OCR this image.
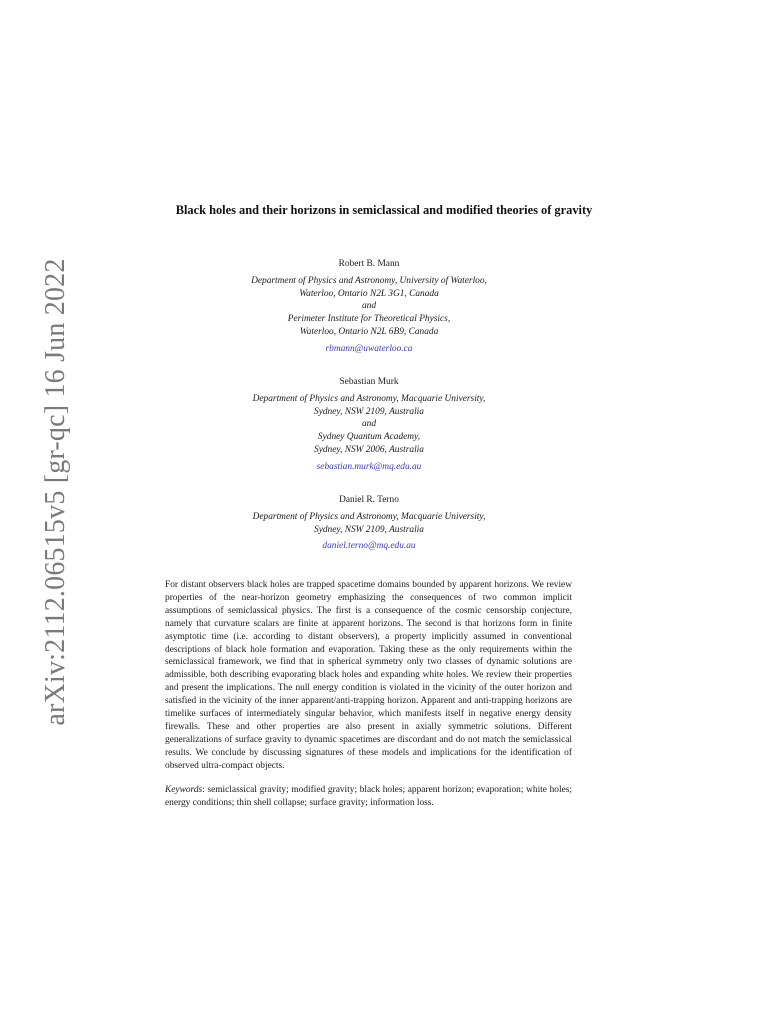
arXiv:2112.06515v5 [gr-qc] 16 Jun 2022
Black holes and their horizons in semiclassical and modified theories of gravity
Robert B. Mann
Department of Physics and Astronomy, University of Waterloo,
Waterloo, Ontario N2L 3G1, Canada
and
Perimeter Institute for Theoretical Physics,
Waterloo, Ontario N2L 6B9, Canada
rbmann@uwaterloo.ca
Sebastian Murk
Department of Physics and Astronomy, Macquarie University,
Sydney, NSW 2109, Australia
and
Sydney Quantum Academy,
Sydney, NSW 2006, Australia
sebastian.murk@mq.edu.au
Daniel R. Terno
Department of Physics and Astronomy, Macquarie University,
Sydney, NSW 2109, Australia
daniel.terno@mq.edu.au
For distant observers black holes are trapped spacetime domains bounded by apparent horizons. We review properties of the near-horizon geometry emphasizing the consequences of two common implicit assumptions of semiclassical physics. The first is a consequence of the cosmic censorship conjecture, namely that curvature scalars are finite at apparent horizons. The second is that horizons form in finite asymptotic time (i.e. according to distant observers), a property implicitly assumed in conventional descriptions of black hole formation and evaporation. Taking these as the only requirements within the semiclassical framework, we find that in spherical symmetry only two classes of dynamic solutions are admissible, both describing evaporating black holes and expanding white holes. We review their properties and present the implications. The null energy condition is violated in the vicinity of the outer horizon and satisfied in the vicinity of the inner apparent/anti-trapping horizon. Apparent and anti-trapping horizons are timelike surfaces of intermediately singular behavior, which manifests itself in negative energy density firewalls. These and other properties are also present in axially symmetric solutions. Different generalizations of surface gravity to dynamic spacetimes are discordant and do not match the semiclassical results. We conclude by discussing signatures of these models and implications for the identification of observed ultra-compact objects.
Keywords: semiclassical gravity; modified gravity; black holes; apparent horizon; evaporation; white holes; energy conditions; thin shell collapse; surface gravity; information loss.
